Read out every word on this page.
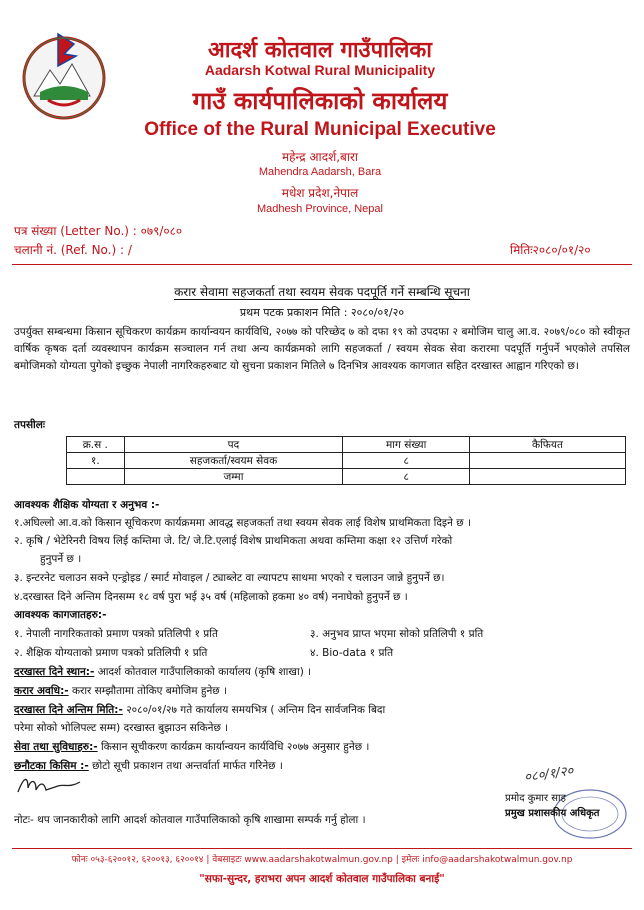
आदर्श कोतवाल गाउँपालिका
Aadarsh Kotwal Rural Municipality
गाउँ कार्यपालिकाको कार्यालय
Office of the Rural Municipal Executive
महेन्द्र आदर्श,बारा
Mahendra Aadarsh, Bara
मधेश प्रदेश,नेपाल
Madhesh Province, Nepal
पत्र संख्या (Letter No.) : ०७९/०८०
चलानी नं. (Ref. No.) : /	मितिः२०८०/०१/२०
करार सेवामा सहजकर्ता तथा स्वयम सेवक पदपूर्ति गर्ने सम्बन्धि सूचना
प्रथम पटक प्रकाशन मिति : २०८०/०१/२०
उपर्युक्त सम्बन्धमा किसान सूचिकरण कार्यक्रम कार्यान्वयन कार्यविधि, २०७७ को परिच्छेद ७ को दफा १९ को उपदफा २ बमोजिम चालु आ.व. २०७९/०८० को स्वीकृत वार्षिक कृषक दर्ता व्यवस्थापन कार्यक्रम सञ्चालन गर्न तथा अन्य कार्यक्रमको लागि सहजकर्ता / स्वयम सेवक सेवा करारमा पदपूर्ति गर्नुपर्ने भएकोले तपसिल बमोजिमको योग्यता पुगेको इच्छुक नेपाली नागरिकहरुबाट यो सुचना प्रकाशन मितिले ७ दिनभित्र आवश्यक कागजात सहित दरखास्त आह्वान गरिएको छ।
तपसीलः
क्र.स .	पद	माग संख्या	कैफियत
१.	सहजकर्ता/स्वयम सेवक	८	
	जम्मा	८	
आवश्यक शैक्षिक योग्यता र अनुभव :-
१.अघिल्लो आ.व.को किसान सूचिकरण कार्यक्रममा आवद्ध सहजकर्ता तथा स्वयम सेवक लाई विशेष प्राथमिकता दिइने छ ।
२. कृषि / भेटेरिनरी विषय लिई कम्तिमा जे. टि/ जे.टि.एलाई विशेष प्राथमिकता अथवा कम्तिमा कक्षा १२ उत्तिर्ण गरेको
हुनुपर्ने छ ।
३. इन्टरनेट चलाउन सक्ने एन्ड्रोइड / स्मार्ट मोवाइल / ट्याब्लेट वा ल्यापटप साथमा भएको र चलाउन जान्ने हुनुपर्ने छ।
४.दरखास्त दिने अन्तिम दिनसम्म १८ वर्ष पुरा भई ३५ वर्ष (महिलाको हकमा ४० वर्ष) ननाघेको हुनुपर्ने छ ।
आवश्यक कागजातहरु:-
१. नेपाली नागरिकताको प्रमाण पत्रको प्रतिलिपी १ प्रति	३. अनुभव प्राप्त भएमा सोको प्रतिलिपी १ प्रति
२. शैक्षिक योग्यताको प्रमाण पत्रको प्रतिलिपी १ प्रति	४. Bio-data १ प्रति
दरखास्त दिने स्थान:- आदर्श कोतवाल गाउँपालिकाको कार्यालय (कृषि शाखा) ।
करार अवधि:- करार सम्झौतामा तोकिए बमोजिम हुनेछ ।
दरखास्त दिने अन्तिम मिति:- २०८०/०१/२७ गते कार्यालय समयभित्र ( अन्तिम दिन सार्वजनिक बिदा
परेमा सोको भोलिपल्ट सम्म) दरखास्त बुझाउन सकिनेछ ।
सेवा तथा सुविधाहरु:- किसान सूचीकरण कार्यक्रम कार्यान्वयन कार्यविधि २०७७ अनुसार हुनेछ ।
छनौटका किसिम :- छोटो सूची प्रकाशन तथा अन्तर्वार्ता मार्फत गरिनेछ ।	०८०/१/२०
प्रमोद कुमार साह
प्रमुख प्रशासकीय अधिकृत
नोटः- थप जानकारीको लागि आदर्श कोतवाल गाउँपालिकाको कृषि शाखामा सम्पर्क गर्नु होला ।
फोनः ०५३-६२००१२, ६२००१३, ६२००१४ | वेबसाइटः www.aadarshakotwalmun.gov.np | इमेलः info@aadarshakotwalmun.gov.np
"सफा-सुन्दर, हराभरा अपन आदर्श कोतवाल गाउँपालिका बनाईं"
